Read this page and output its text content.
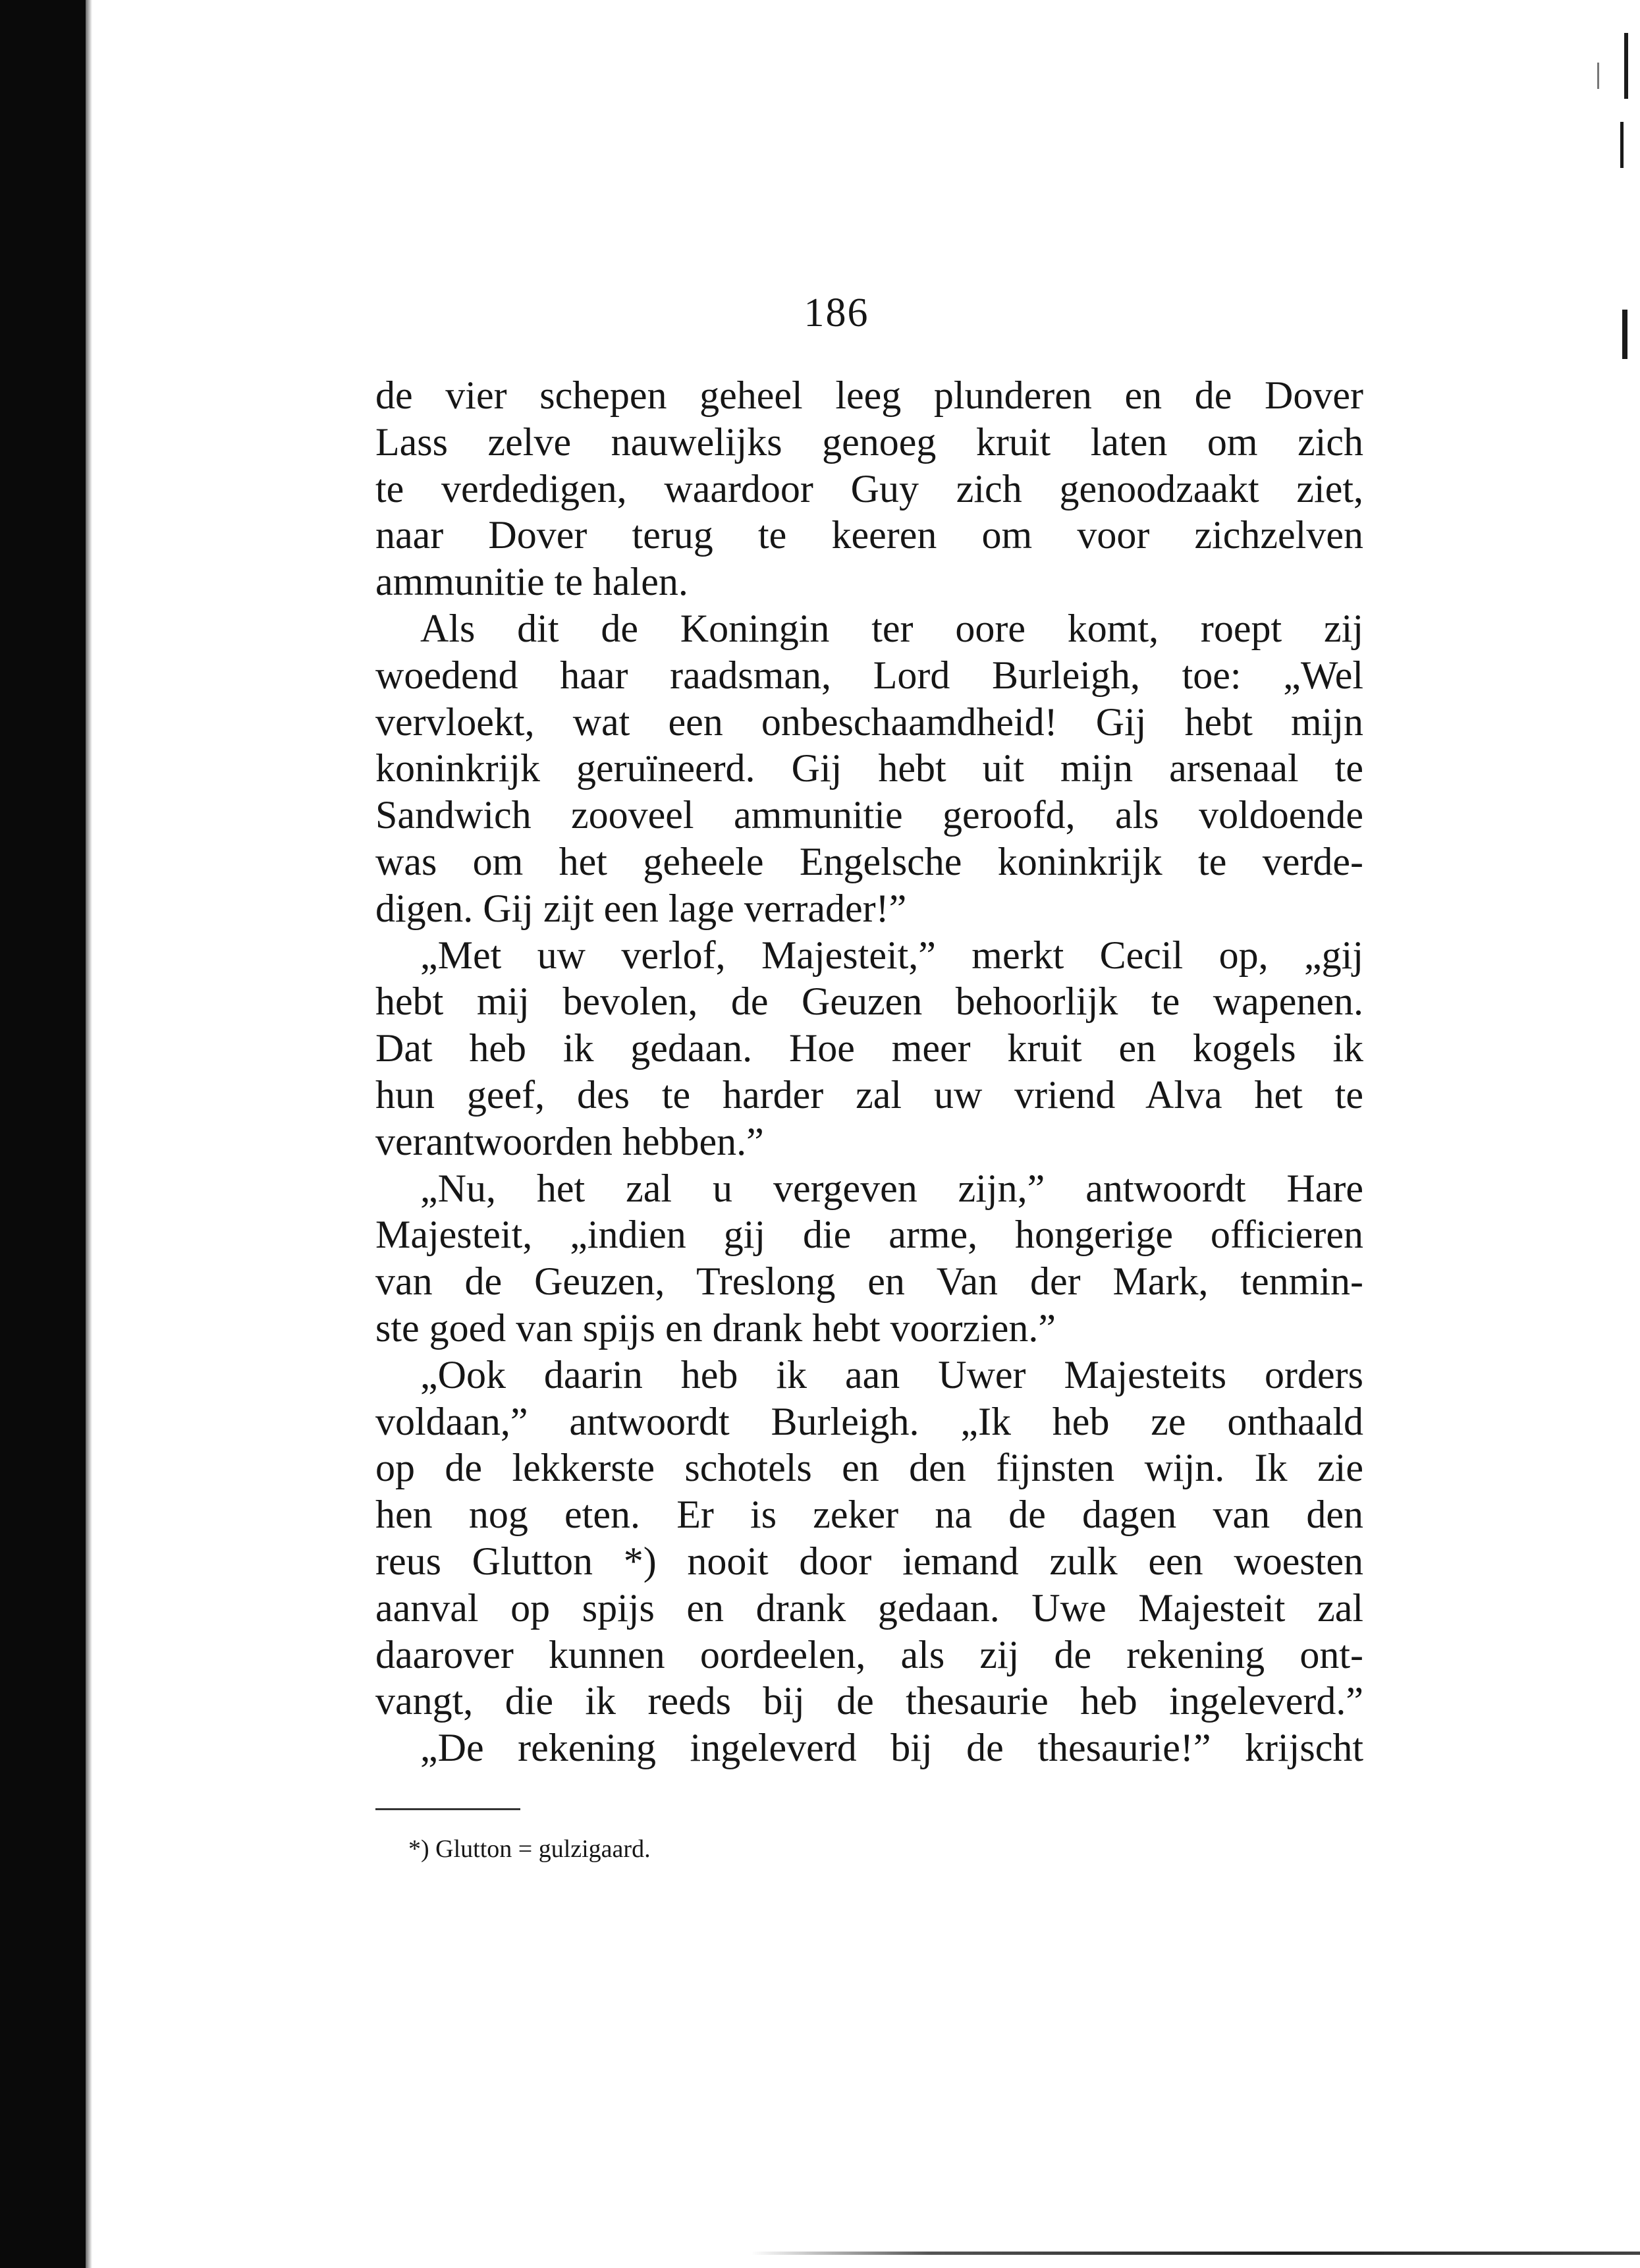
186
de vier schepen geheel leeg plunderen en de Dover
Lass zelve nauwelijks genoeg kruit laten om zich
te verdedigen, waardoor Guy zich genoodzaakt ziet,
naar Dover terug te keeren om voor zichzelven
ammunitie te halen.
Als dit de Koningin ter oore komt, roept zij
woedend haar raadsman, Lord Burleigh, toe: „Wel
vervloekt, wat een onbeschaamdheid! Gij hebt mijn
koninkrijk geruïneerd. Gij hebt uit mijn arsenaal te
Sandwich zooveel ammunitie geroofd, als voldoende
was om het geheele Engelsche koninkrijk te verde-
digen. Gij zijt een lage verrader!”
„Met uw verlof, Majesteit,” merkt Cecil op, „gij
hebt mij bevolen, de Geuzen behoorlijk te wapenen.
Dat heb ik gedaan. Hoe meer kruit en kogels ik
hun geef, des te harder zal uw vriend Alva het te
verantwoorden hebben.”
„Nu, het zal u vergeven zijn,” antwoordt Hare
Majesteit, „indien gij die arme, hongerige officieren
van de Geuzen, Treslong en Van der Mark, tenmin-
ste goed van spijs en drank hebt voorzien.”
„Ook daarin heb ik aan Uwer Majesteits orders
voldaan,” antwoordt Burleigh. „Ik heb ze onthaald
op de lekkerste schotels en den fijnsten wijn. Ik zie
hen nog eten. Er is zeker na de dagen van den
reus Glutton *) nooit door iemand zulk een woesten
aanval op spijs en drank gedaan. Uwe Majesteit zal
daarover kunnen oordeelen, als zij de rekening ont-
vangt, die ik reeds bij de thesaurie heb ingeleverd.”
„De rekening ingeleverd bij de thesaurie!” krijscht
*) Glutton = gulzigaard.
